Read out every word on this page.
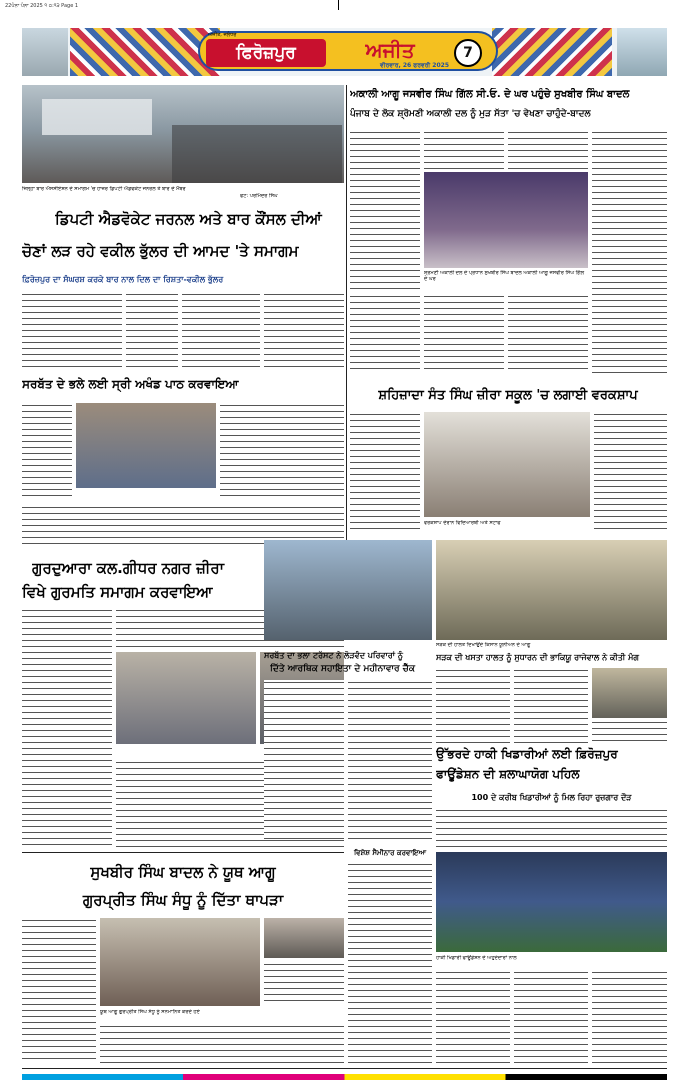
22ਪੰਨਾ ਪੰਨਾ 2025 ੧ ੦:੧੩ Page 1
ਅਜੀਤ, ਜਲੰਧਰ
ਫਿਰੋਜ਼ਪੁਰ	ਅਜੀਤ	7
ਵੀਰਵਾਰ, 26 ਫਰਵਰੀ 2025
ਜ਼ਿਲ੍ਹਾ ਬਾਰ ਐਸੋਸੀਏਸ਼ਨ ਦੇ ਸਮਾਗਮ 'ਚ ਹਾਜ਼ਰ ਡਿਪਟੀ ਐਡਵੋਕੇਟ ਜਨਰਲ ਤੇ ਬਾਰ ਦੇ ਮੈਂਬਰ
ਫੋਟੋ: ਪਰਮਿੰਦਰ ਸਿੰਘ
ਡਿਪਟੀ ਐਡਵੋਕੇਟ ਜਰਨਲ ਅਤੇ ਬਾਰ ਕੌਂਸਲ ਦੀਆਂ
ਚੋਣਾਂ ਲੜ ਰਹੇ ਵਕੀਲ ਭੁੱਲਰ ਦੀ ਆਮਦ 'ਤੇ ਸਮਾਗਮ
ਫ਼ਿਰੋਜ਼ਪੁਰ ਦਾ ਸੰਘਰਸ਼ ਕਰਕੇ ਬਾਰ ਨਾਲ ਦਿਲ ਦਾ ਰਿਸ਼ਤਾ-ਵਕੀਲ ਭੁੱਲਰ
ਸਰਬੱਤ ਦੇ ਭਲੇ ਲਈ ਸ੍ਰੀ ਅਖੰਡ ਪਾਠ ਕਰਵਾਇਆ
ਗੁਰਦੁਆਰਾ ਕਲ.ਗੀਧਰ ਨਗਰ ਜ਼ੀਰਾ
ਵਿਖੇ ਗੁਰਮਤਿ ਸਮਾਗਮ ਕਰਵਾਇਆ
ਅਕਾਲੀ ਆਗੂ ਜਸਵੀਰ ਸਿੰਘ ਗਿੱਲ ਸੀ.ਓ. ਦੇ ਘਰ ਪਹੁੰਚੇ ਸੁਖਬੀਰ ਸਿੰਘ ਬਾਦਲ
ਪੰਜਾਬ ਦੇ ਲੋਕ ਸ਼੍ਰੋਮਣੀ ਅਕਾਲੀ ਦਲ ਨੂੰ ਮੁੜ ਸੱਤਾ 'ਚ ਵੇਖਣਾ ਚਾਹੁੰਦੇ-ਬਾਦਲ
ਸ਼੍ਰੋਮਣੀ ਅਕਾਲੀ ਦਲ ਦੇ ਪ੍ਰਧਾਨ ਸੁਖਬੀਰ ਸਿੰਘ ਬਾਦਲ ਅਕਾਲੀ ਆਗੂ ਜਸਵੀਰ ਸਿੰਘ ਗਿੱਲ ਦੇ ਘਰ
ਸ਼ਹਿਜ਼ਾਦਾ ਸੰਤ ਸਿੰਘ ਜ਼ੀਰਾ ਸਕੂਲ 'ਚ ਲਗਾਈ ਵਰਕਸ਼ਾਪ
ਵਰਕਸ਼ਾਪ ਦੌਰਾਨ ਵਿਦਿਆਰਥੀ ਅਤੇ ਸਟਾਫ
ਸੜਕ ਦੀ ਹਾਲਤ ਦਿਖਾਉਂਦੇ ਕਿਸਾਨ ਯੂਨੀਅਨ ਦੇ ਆਗੂ
ਸਰਬੱਤ ਦਾ ਭਲਾ ਟਰੱਸਟ ਨੇ ਲੋੜਵੰਦ ਪਰਿਵਾਰਾਂ ਨੂੰ
ਦਿੱਤੇ ਆਰਥਿਕ ਸਹਾਇਤਾ ਦੇ ਮਹੀਨਾਵਾਰ ਚੈੱਕ
ਸੜਕ ਦੀ ਖਸਤਾ ਹਾਲਤ ਨੂੰ ਸੁਧਾਰਨ ਦੀ ਭਾਕਿਯੂ ਰਾਜੇਵਾਲ ਨੇ ਕੀਤੀ ਮੰਗ
ਉੱਭਰਦੇ ਹਾਕੀ ਖਿਡਾਰੀਆਂ ਲਈ ਫ਼ਿਰੋਜ਼ਪੁਰ
ਫਾਊਂਡੇਸ਼ਨ ਦੀ ਸ਼ਲਾਘਾਯੋਗ ਪਹਿਲ
100 ਦੇ ਕਰੀਬ ਖਿਡਾਰੀਆਂ ਨੂੰ ਮਿਲ ਰਿਹਾ ਰੁਜ਼ਗਾਰ ਦੌੜ
ਹਾਕੀ ਖਿਡਾਰੀ ਫਾਊਂਡੇਸ਼ਨ ਦੇ ਅਹੁਦੇਦਾਰਾਂ ਨਾਲ
ਸੁਖਬੀਰ ਸਿੰਘ ਬਾਦਲ ਨੇ ਯੂਥ ਆਗੂ
ਗੁਰਪ੍ਰੀਤ ਸਿੰਘ ਸੰਧੂ ਨੂੰ ਦਿੱਤਾ ਥਾਪੜਾ
ਯੂਥ ਆਗੂ ਗੁਰਪ੍ਰੀਤ ਸਿੰਘ ਸੰਧੂ ਨੂੰ ਸਨਮਾਨਿਤ ਕਰਦੇ ਹੋਏ
ਵਿਸ਼ੇਸ਼ ਸੈਮੀਨਾਰ ਕਰਵਾਇਆ
